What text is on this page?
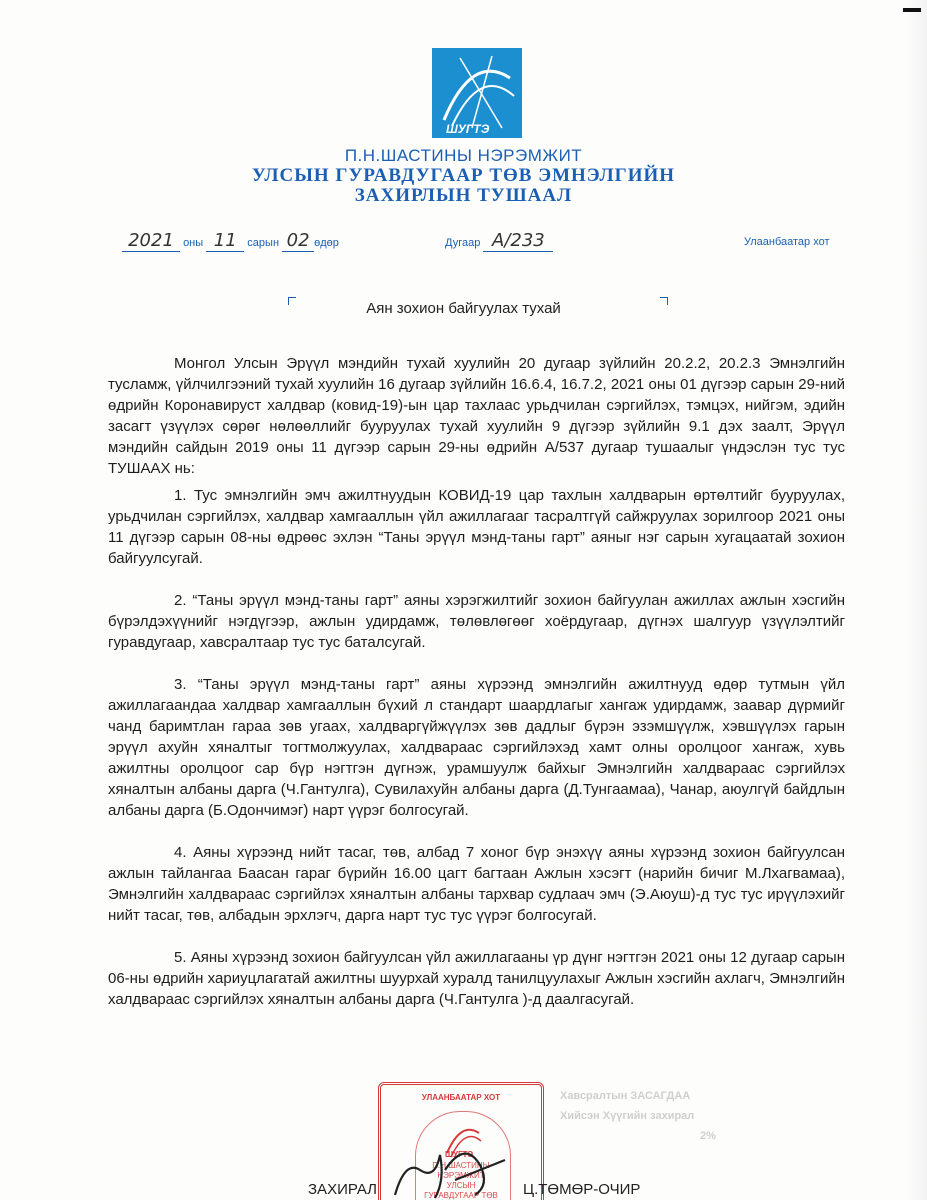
ШУГТЭ
П.Н.ШАСТИНЫ НЭРЭМЖИТ
УЛСЫН ГУРАВДУГААР ТӨВ ЭМНЭЛГИЙН
ЗАХИРЛЫН ТУШААЛ
2021 оны 11 сарын 02 өдөр	Дугаар А/233	Улаанбаатар хот
Аян зохион байгуулах тухай

Монгол Улсын Эрүүл мэндийн тухай хуулийн 20 дугаар зүйлийн 20.2.2, 20.2.3 Эмнэлгийн тусламж, үйлчилгээний тухай хуулийн 16 дугаар зүйлийн 16.6.4, 16.7.2, 2021 оны 01 дүгээр сарын 29-ний өдрийн Коронавируст халдвар (ковид-19)-ын цар тахлаас урьдчилан сэргийлэх, тэмцэх, нийгэм, эдийн засагт үзүүлэх сөрөг нөлөөллийг бууруулах тухай хуулийн 9 дүгээр зүйлийн 9.1 дэх заалт, Эрүүл мэндийн сайдын 2019 оны 11 дүгээр сарын 29-ны өдрийн А/537 дугаар тушаалыг үндэслэн тус тус ТУШААХ нь:

1. Тус эмнэлгийн эмч ажилтнуудын КОВИД-19 цар тахлын халдварын өртөлтийг бууруулах, урьдчилан сэргийлэх, халдвар хамгааллын үйл ажиллагааг тасралтгүй сайжруулах зорилгоор 2021 оны 11 дүгээр сарын 08-ны өдрөөс эхлэн “Таны эрүүл мэнд-таны гарт” аяныг нэг сарын хугацаатай зохион байгуулсугай.

2. “Таны эрүүл мэнд-таны гарт” аяны хэрэгжилтийг зохион байгуулан ажиллах ажлын хэсгийн бүрэлдэхүүнийг нэгдүгээр, ажлын удирдамж, төлөвлөгөөг хоёрдугаар, дүгнэх шалгуур үзүүлэлтийг гуравдугаар, хавсралтаар тус тус баталсугай.

3. “Таны эрүүл мэнд-таны гарт” аяны хүрээнд эмнэлгийн ажилтнууд өдөр тутмын үйл ажиллагаандаа халдвар хамгааллын бүхий л стандарт шаардлагыг хангаж удирдамж, заавар дүрмийг чанд баримтлан гараа зөв угаах, халдваргүйжүүлэх зөв дадлыг бүрэн эзэмшүүлж, хэвшүүлэх гарын эрүүл ахуйн хяналтыг тогтмолжуулах, халдвараас сэргийлэхэд хамт олны оролцоог хангаж, хувь ажилтны оролцоог сар бүр нэгтгэн дүгнэж, урамшуулж байхыг Эмнэлгийн халдвараас сэргийлэх хяналтын албаны дарга (Ч.Гантулга), Сувилахуйн албаны дарга (Д.Тунгаамаа), Чанар, аюулгүй байдлын албаны дарга (Б.Одончимэг) нарт үүрэг болгосугай.

4. Аяны хүрээнд нийт тасаг, төв, албад 7 хоног бүр энэхүү аяны хүрээнд зохион байгуулсан ажлын тайлангаа Баасан гараг бүрийн 16.00 цагт багтаан Ажлын хэсэгт (нарийн бичиг М.Лхагвамаа), Эмнэлгийн халдвараас сэргийлэх хяналтын албаны тархвар судлаач эмч (Э.Аюуш)-д тус тус ирүүлэхийг нийт тасаг, төв, албадын эрхлэгч, дарга нарт тус тус үүрэг болгосугай.

5. Аяны хүрээнд зохион байгуулсан үйл ажиллагааны үр дүнг нэгтгэн 2021 оны 12 дугаар сарын 06-ны өдрийн хариуцлагатай ажилтны шуурхай хуралд танилцуулахыг Ажлын хэсгийн ахлагч, Эмнэлгийн халдвараас сэргийлэх хяналтын албаны дарга (Ч.Гантулга )-д даалгасугай.

Хавсралтын ЗАСАГДАА
Хийсэн Хүүгийн захирал
2%
УЛААНБААТАР ХОТ
ШУГТЭ
П.Н.ШАСТИНЫ
НЭРЭМЖИТ
УЛСЫН
ГУРАВДУГААР ТӨВ
ЗАХИРАЛ	Ц.ТӨМӨР-ОЧИР
